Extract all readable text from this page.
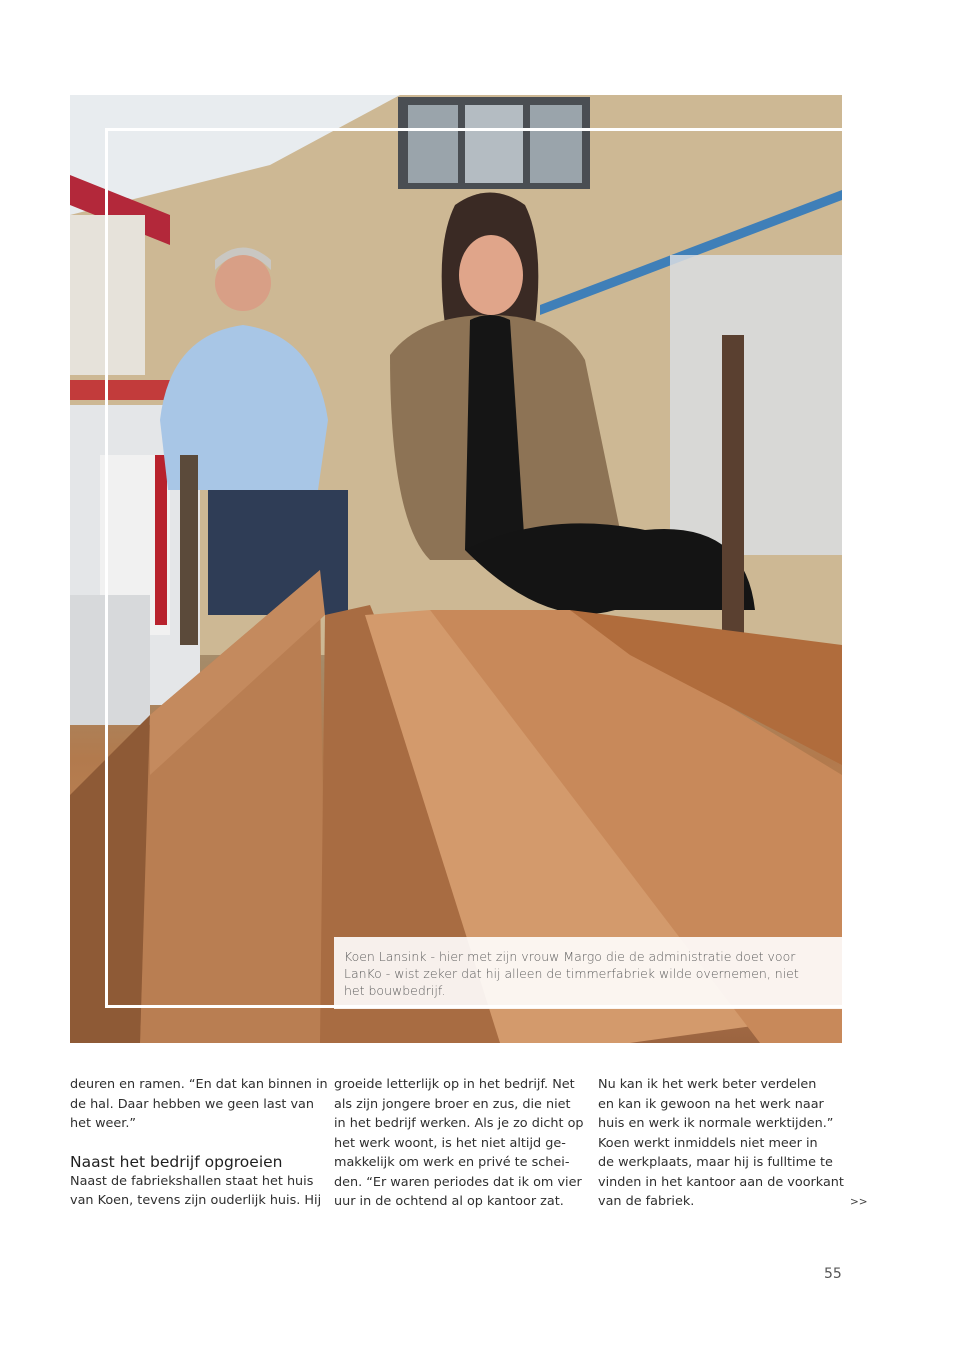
Koen Lansink - hier met zijn vrouw Margo die de administratie doet voor
LanKo - wist zeker dat hij alleen de timmerfabriek wilde overnemen, niet
het bouwbedrijf.
deuren en ramen. “En dat kan binnen in
de hal. Daar hebben we geen last van
het weer.”
Naast het bedrijf opgroeien
Naast de fabriekshallen staat het huis
van Koen, tevens zijn ouderlijk huis. Hij
groeide letterlijk op in het bedrijf. Net
als zijn jongere broer en zus, die niet
in het bedrijf werken. Als je zo dicht op
het werk woont, is het niet altijd ge-
makkelijk om werk en privé te schei-
den. “Er waren periodes dat ik om vier
uur in de ochtend al op kantoor zat.
Nu kan ik het werk beter verdelen
en kan ik gewoon na het werk naar
huis en werk ik normale werktijden.”
Koen werkt inmiddels niet meer in
de werkplaats, maar hij is fulltime te
vinden in het kantoor aan de voorkant
van de fabriek.	>>
55
